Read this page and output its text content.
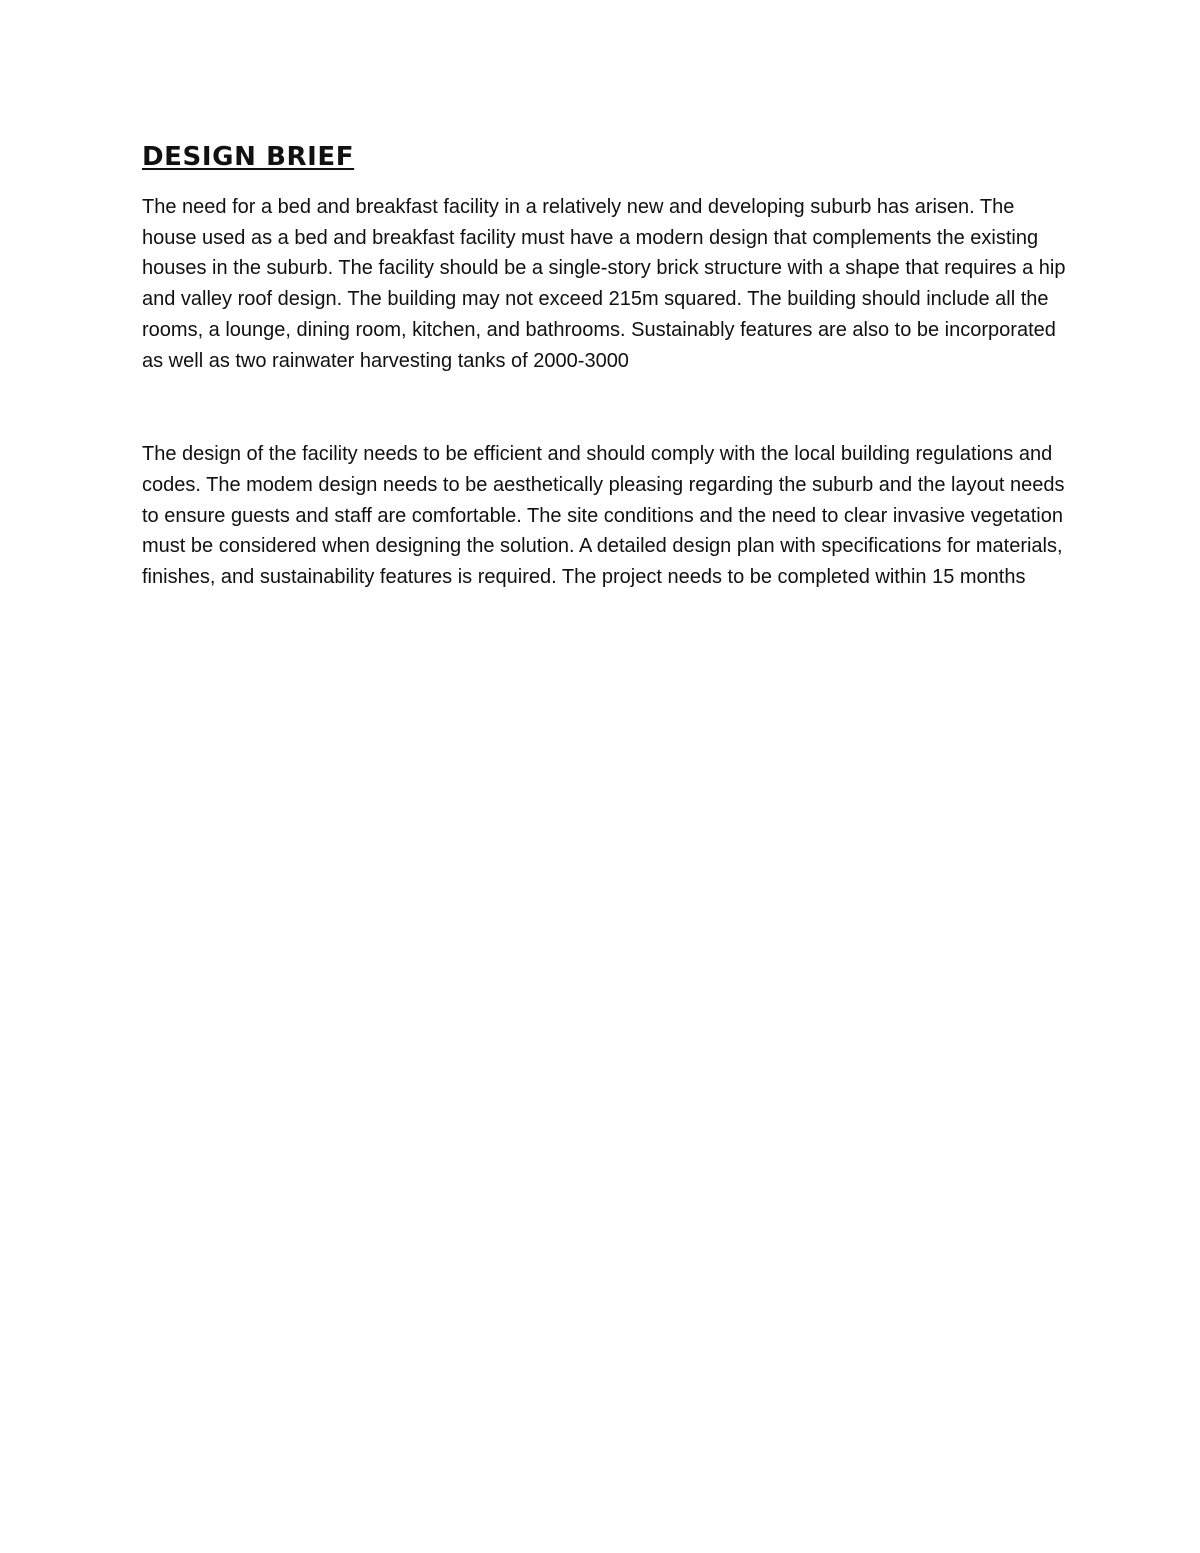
DESIGN BRIEF

The need for a bed and breakfast facility in a relatively new and developing suburb has arisen. The house used as a bed and breakfast facility must have a modern design that complements the existing houses in the suburb. The facility should be a single-story brick structure with a shape that requires a hip and valley roof design. The building may not exceed 215m squared. The building should include all the rooms, a lounge, dining room, kitchen, and bathrooms. Sustainably features are also to be incorporated as well as two rainwater harvesting tanks of 2000-3000

The design of the facility needs to be efficient and should comply with the local building regulations and codes. The modem design needs to be aesthetically pleasing regarding the suburb and the layout needs to ensure guests and staff are comfortable. The site conditions and the need to clear invasive vegetation must be considered when designing the solution. A detailed design plan with specifications for materials, finishes, and sustainability features is required. The project needs to be completed within 15 months
